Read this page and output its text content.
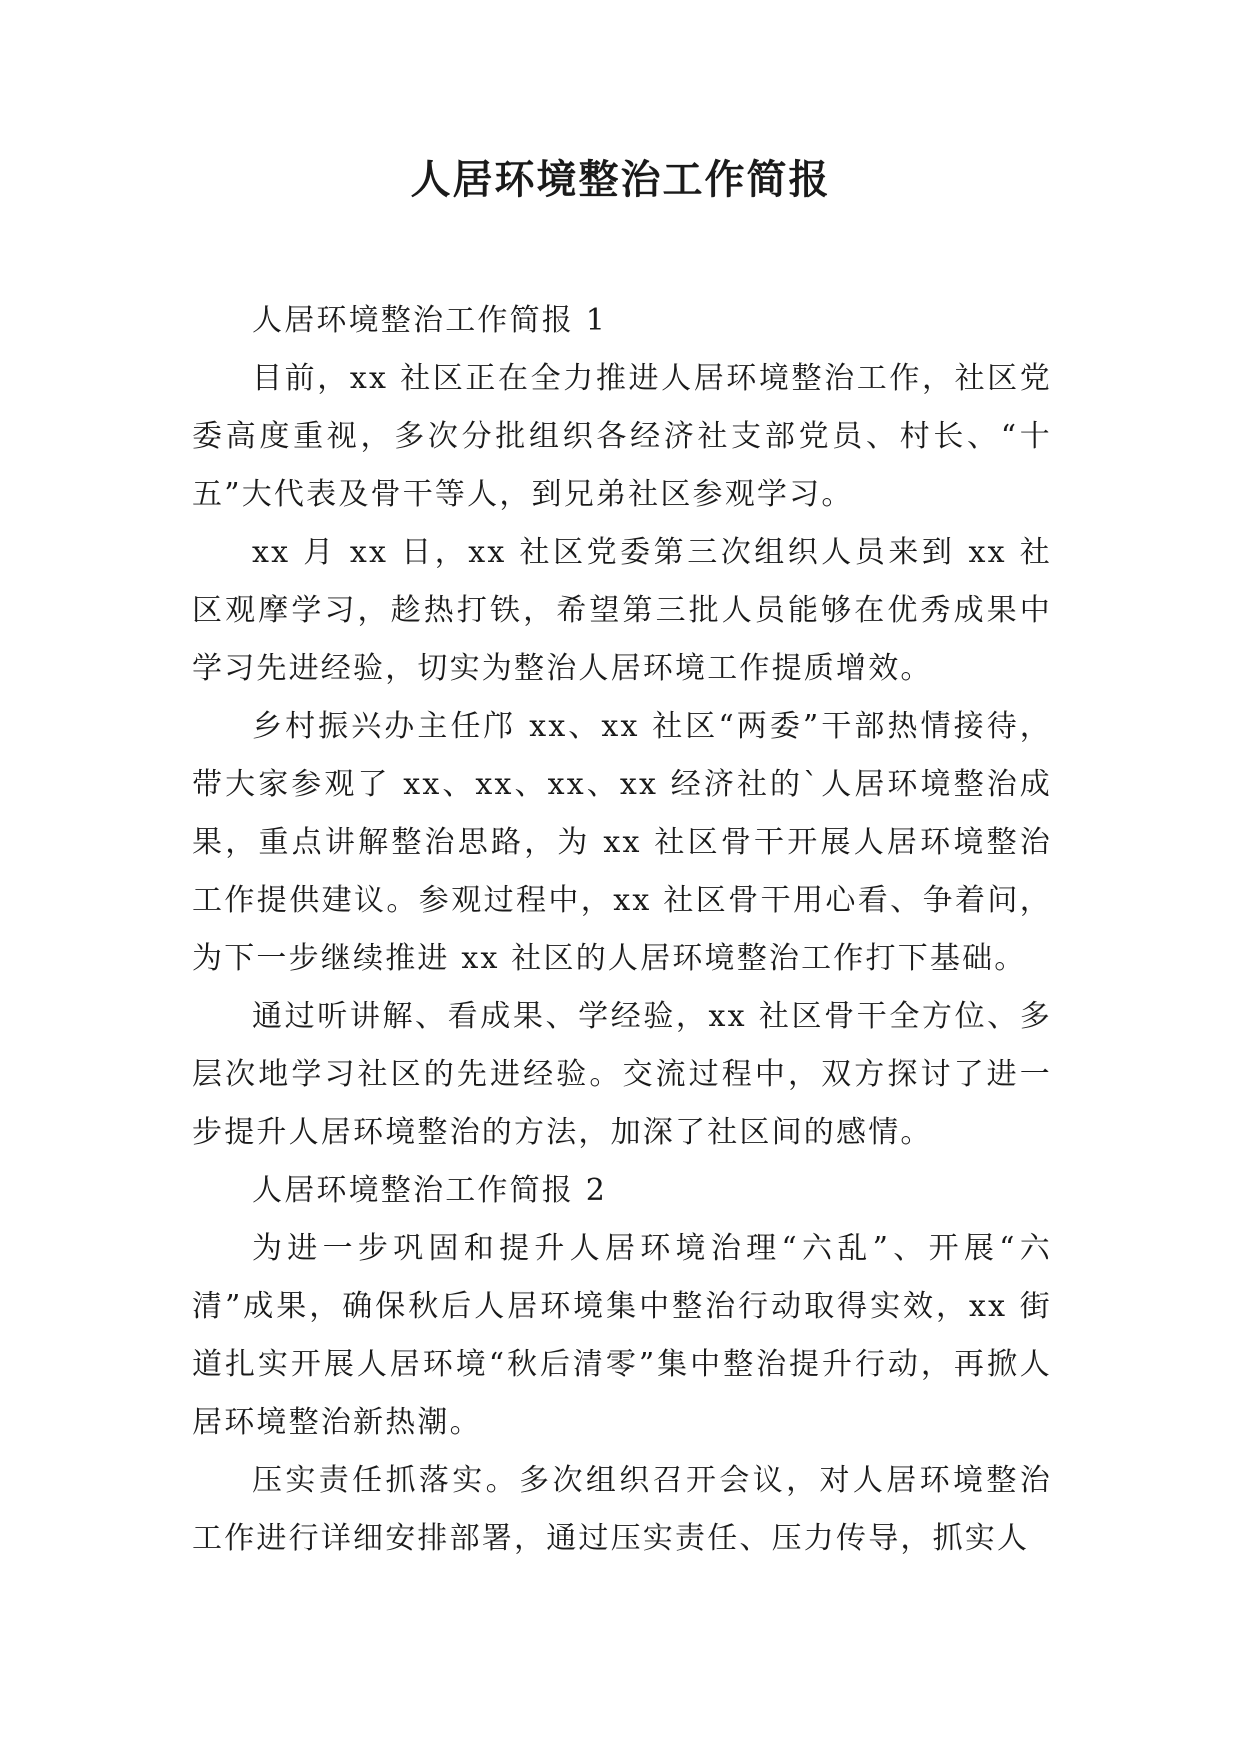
人居环境整治工作简报

人居环境整治工作简报 1

目前，xx 社区正在全力推进人居环境整治工作，社区党委高度重视，多次分批组织各经济社支部党员、村长、“十五”大代表及骨干等人，到兄弟社区参观学习。

xx 月 xx 日，xx 社区党委第三次组织人员来到 xx 社区观摩学习，趁热打铁，希望第三批人员能够在优秀成果中学习先进经验，切实为整治人居环境工作提质增效。

乡村振兴办主任邝 xx、xx 社区“两委”干部热情接待，带大家参观了 xx、xx、xx、xx 经济社的`人居环境整治成果，重点讲解整治思路，为 xx 社区骨干开展人居环境整治工作提供建议。参观过程中，xx 社区骨干用心看、争着问，为下一步继续推进 xx 社区的人居环境整治工作打下基础。

通过听讲解、看成果、学经验，xx 社区骨干全方位、多层次地学习社区的先进经验。交流过程中，双方探讨了进一步提升人居环境整治的方法，加深了社区间的感情。

人居环境整治工作简报 2

为进一步巩固和提升人居环境治理“六乱”、开展“六清”成果，确保秋后人居环境集中整治行动取得实效，xx 街道扎实开展人居环境“秋后清零”集中整治提升行动，再掀人居环境整治新热潮。

压实责任抓落实。多次组织召开会议，对人居环境整治工作进行详细安排部署，通过压实责任、压力传导，抓实人
